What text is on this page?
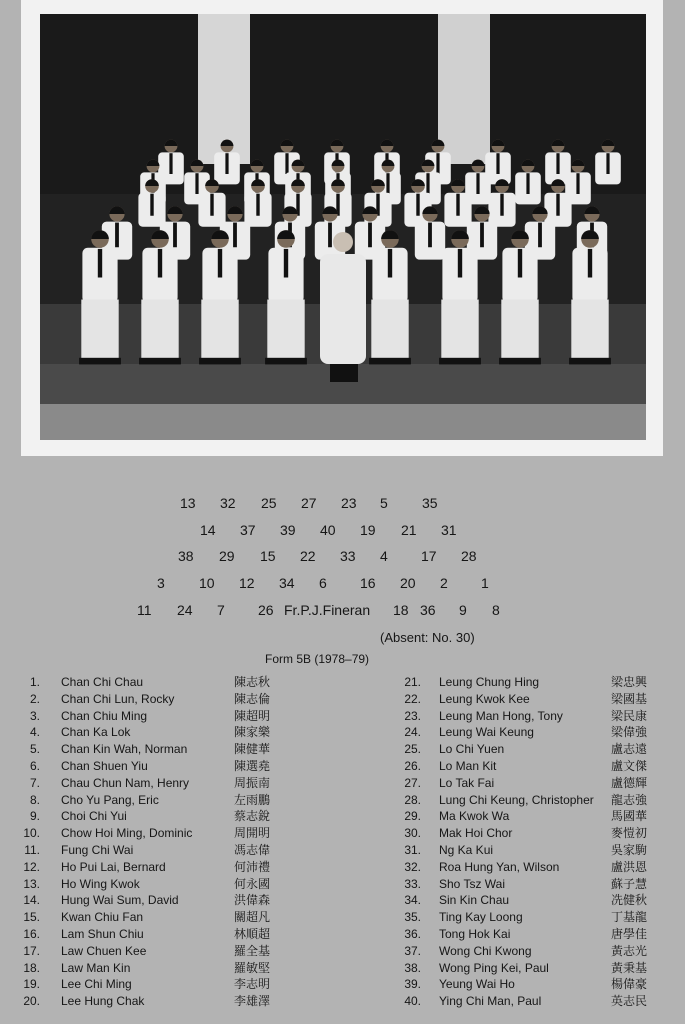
13 32 25 27 23 5 35
14 37 39 40 19 21 31
38 29 15 22 33 4 17 28
3 10 12 34 6 16 20 2 1
11 24 7 26 Fr.P.J.Fineran 18 36 9 8
(Absent: No. 30)
Form 5B (1978–79)
1. Chan Chi Chau	陳志秋
2. Chan Chi Lun, Rocky	陳志倫
3. Chan Chiu Ming	陳超明
4. Chan Ka Lok	陳家樂
5. Chan Kin Wah, Norman	陳健華
6. Chan Shuen Yiu	陳選堯
7. Chau Chun Nam, Henry	周振南
8. Cho Yu Pang, Eric	左雨鵬
9. Choi Chi Yui	蔡志銳
10. Chow Hoi Ming, Dominic	周開明
11. Fung Chi Wai	馮志偉
12. Ho Pui Lai, Bernard	何沛禮
13. Ho Wing Kwok	何永國
14. Hung Wai Sum, David	洪偉森
15. Kwan Chiu Fan	關超凡
16. Lam Shun Chiu	林順超
17. Law Chuen Kee	羅全基
18. Law Man Kin	羅敏堅
19. Lee Chi Ming	李志明
20. Lee Hung Chak	李雄澤
21. Leung Chung Hing	梁忠興
22. Leung Kwok Kee	梁國基
23. Leung Man Hong, Tony	梁民康
24. Leung Wai Keung	梁偉強
25. Lo Chi Yuen	盧志遠
26. Lo Man Kit	盧文傑
27. Lo Tak Fai	盧德輝
28. Lung Chi Keung, Christopher 龍志強
29. Ma Kwok Wa	馬國華
30. Mak Hoi Chor	麥愷初
31. Ng Ka Kui	吳家駒
32. Roa Hung Yan, Wilson	盧洪恩
33. Sho Tsz Wai	蘇子慧
34. Sin Kin Chau	冼健秋
35. Ting Kay Loong	丁基龍
36. Tong Hok Kai	唐學佳
37. Wong Chi Kwong	黃志光
38. Wong Ping Kei, Paul	黃秉基
39. Yeung Wai Ho	楊偉豪
40. Ying Chi Man, Paul	英志民
